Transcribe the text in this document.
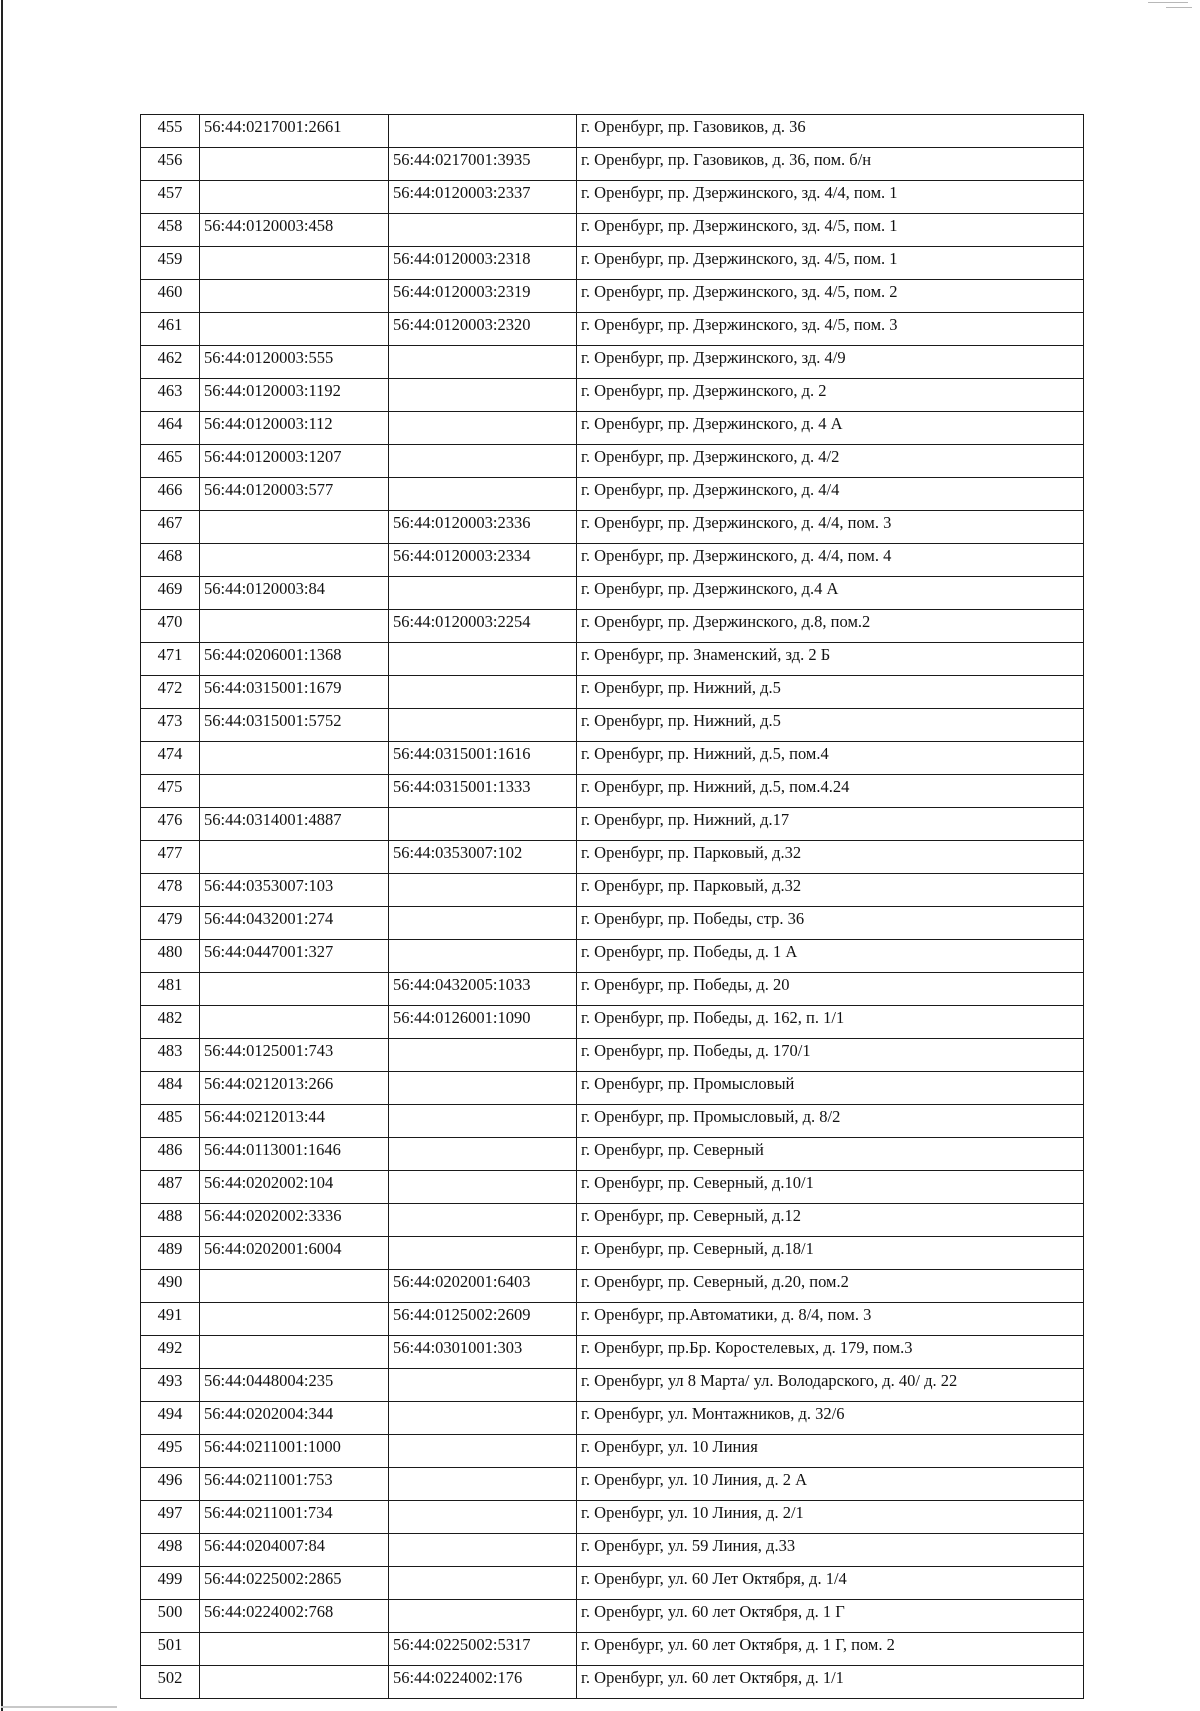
455	56:44:0217001:2661		г. Оренбург, пр. Газовиков, д. 36
456		56:44:0217001:3935	г. Оренбург, пр. Газовиков, д. 36, пом. б/н
457		56:44:0120003:2337	г. Оренбург, пр. Дзержинского, зд. 4/4, пом. 1
458	56:44:0120003:458		г. Оренбург, пр. Дзержинского, зд. 4/5, пом. 1
459		56:44:0120003:2318	г. Оренбург, пр. Дзержинского, зд. 4/5, пом. 1
460		56:44:0120003:2319	г. Оренбург, пр. Дзержинского, зд. 4/5, пом. 2
461		56:44:0120003:2320	г. Оренбург, пр. Дзержинского, зд. 4/5, пом. 3
462	56:44:0120003:555		г. Оренбург, пр. Дзержинского, зд. 4/9
463	56:44:0120003:1192		г. Оренбург, пр. Дзержинского, д. 2
464	56:44:0120003:112		г. Оренбург, пр. Дзержинского, д. 4 А
465	56:44:0120003:1207		г. Оренбург, пр. Дзержинского, д. 4/2
466	56:44:0120003:577		г. Оренбург, пр. Дзержинского, д. 4/4
467		56:44:0120003:2336	г. Оренбург, пр. Дзержинского, д. 4/4, пом. 3
468		56:44:0120003:2334	г. Оренбург, пр. Дзержинского, д. 4/4, пом. 4
469	56:44:0120003:84		г. Оренбург, пр. Дзержинского, д.4 А
470		56:44:0120003:2254	г. Оренбург, пр. Дзержинского, д.8, пом.2
471	56:44:0206001:1368		г. Оренбург, пр. Знаменский, зд. 2 Б
472	56:44:0315001:1679		г. Оренбург, пр. Нижний, д.5
473	56:44:0315001:5752		г. Оренбург, пр. Нижний, д.5
474		56:44:0315001:1616	г. Оренбург, пр. Нижний, д.5, пом.4
475		56:44:0315001:1333	г. Оренбург, пр. Нижний, д.5, пом.4.24
476	56:44:0314001:4887		г. Оренбург, пр. Нижний, д.17
477		56:44:0353007:102	г. Оренбург, пр. Парковый, д.32
478	56:44:0353007:103		г. Оренбург, пр. Парковый, д.32
479	56:44:0432001:274		г. Оренбург, пр. Победы, стр. 36
480	56:44:0447001:327		г. Оренбург, пр. Победы, д. 1 А
481		56:44:0432005:1033	г. Оренбург, пр. Победы, д. 20
482		56:44:0126001:1090	г. Оренбург, пр. Победы, д. 162, п. 1/1
483	56:44:0125001:743		г. Оренбург, пр. Победы, д. 170/1
484	56:44:0212013:266		г. Оренбург, пр. Промысловый
485	56:44:0212013:44		г. Оренбург, пр. Промысловый, д. 8/2
486	56:44:0113001:1646		г. Оренбург, пр. Северный
487	56:44:0202002:104		г. Оренбург, пр. Северный, д.10/1
488	56:44:0202002:3336		г. Оренбург, пр. Северный, д.12
489	56:44:0202001:6004		г. Оренбург, пр. Северный, д.18/1
490		56:44:0202001:6403	г. Оренбург, пр. Северный, д.20, пом.2
491		56:44:0125002:2609	г. Оренбург, пр.Автоматики, д. 8/4, пом. 3
492		56:44:0301001:303	г. Оренбург, пр.Бр. Коростелевых, д. 179, пом.3
493	56:44:0448004:235		г. Оренбург, ул 8 Марта/ ул. Володарского, д. 40/ д. 22
494	56:44:0202004:344		г. Оренбург, ул. Монтажников, д. 32/6
495	56:44:0211001:1000		г. Оренбург, ул. 10 Линия
496	56:44:0211001:753		г. Оренбург, ул. 10 Линия, д. 2 А
497	56:44:0211001:734		г. Оренбург, ул. 10 Линия, д. 2/1
498	56:44:0204007:84		г. Оренбург, ул. 59 Линия, д.33
499	56:44:0225002:2865		г. Оренбург, ул. 60 Лет Октября, д. 1/4
500	56:44:0224002:768		г. Оренбург, ул. 60 лет Октября, д. 1 Г
501		56:44:0225002:5317	г. Оренбург, ул. 60 лет Октября, д. 1 Г, пом. 2
502		56:44:0224002:176	г. Оренбург, ул. 60 лет Октября, д. 1/1
